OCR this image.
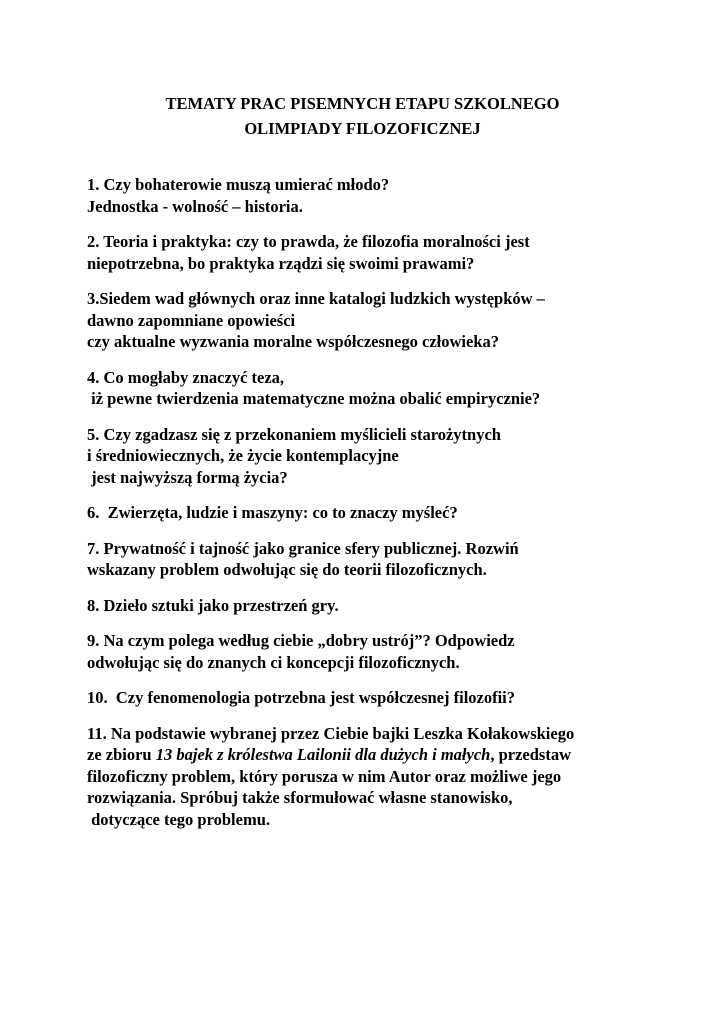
TEMATY PRAC PISEMNYCH ETAPU SZKOLNEGO
OLIMPIADY FILOZOFICZNEJ
1. Czy bohaterowie muszą umierać młodo?
Jednostka - wolność – historia.
2. Teoria i praktyka: czy to prawda, że filozofia moralności jest
niepotrzebna, bo praktyka rządzi się swoimi prawami?
3.Siedem wad głównych oraz inne katalogi ludzkich występków –
dawno zapomniane opowieści
czy aktualne wyzwania moralne współczesnego człowieka?
4. Co mogłaby znaczyć teza,
iż pewne twierdzenia matematyczne można obalić empirycznie?
5. Czy zgadzasz się z przekonaniem myślicieli starożytnych
i średniowiecznych, że życie kontemplacyjne
jest najwyższą formą życia?
6.  Zwierzęta, ludzie i maszyny: co to znaczy myśleć?
7. Prywatność i tajność jako granice sfery publicznej. Rozwiń
wskazany problem odwołując się do teorii filozoficznych.
8. Dzieło sztuki jako przestrzeń gry.
9. Na czym polega według ciebie „dobry ustrój”? Odpowiedz
odwołując się do znanych ci koncepcji filozoficznych.
10.  Czy fenomenologia potrzebna jest współczesnej filozofii?
11. Na podstawie wybranej przez Ciebie bajki Leszka Kołakowskiego
ze zbioru 13 bajek z królestwa Lailonii dla dużych i małych, przedstaw
filozoficzny problem, który porusza w nim Autor oraz możliwe jego
rozwiązania. Spróbuj także sformułować własne stanowisko,
dotyczące tego problemu.
